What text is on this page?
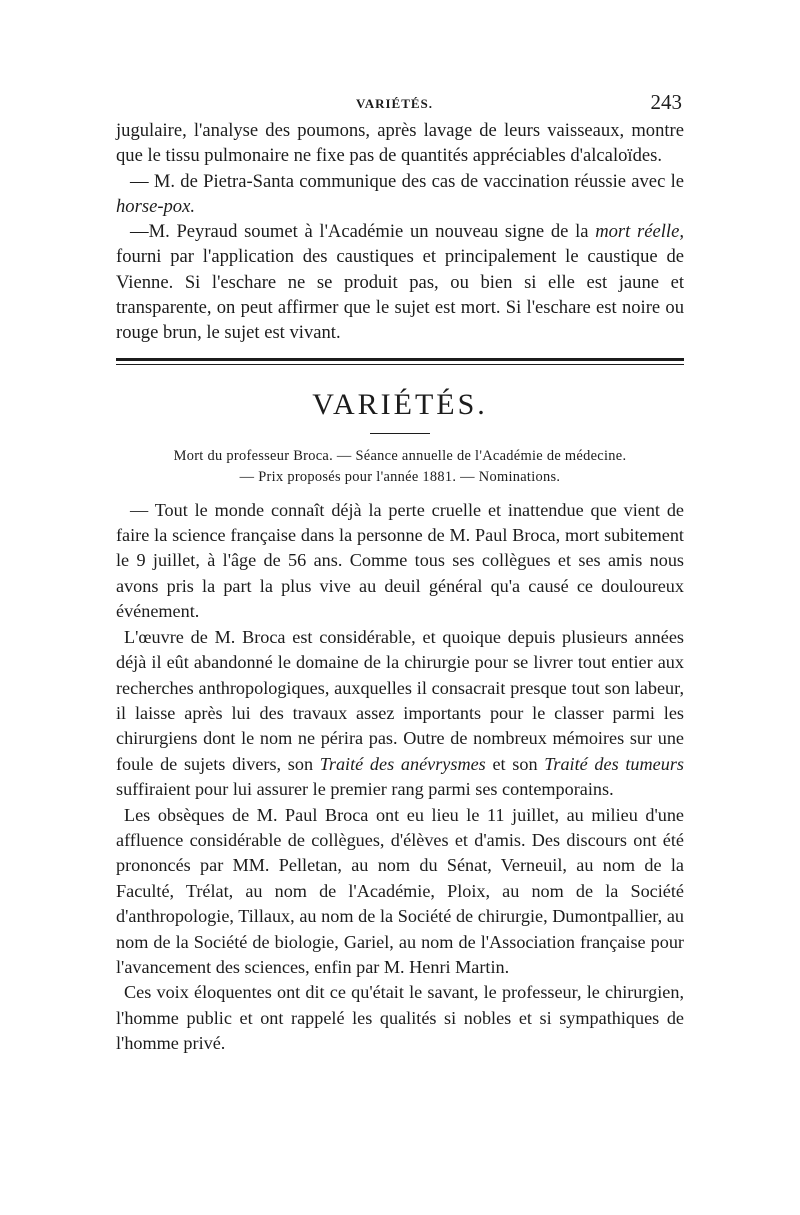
VARIÉTÉS.	243

jugulaire, l'analyse des poumons, après lavage de leurs vaisseaux, montre que le tissu pulmonaire ne fixe pas de quantités appréciables d'alcaloïdes.

— M. de Pietra-Santa communique des cas de vaccination réussie avec le horse-pox.

—M. Peyraud soumet à l'Académie un nouveau signe de la mort réelle, fourni par l'application des caustiques et principalement le caustique de Vienne. Si l'eschare ne se produit pas, ou bien si elle est jaune et transparente, on peut affirmer que le sujet est mort. Si l'eschare est noire ou rouge brun, le sujet est vivant.

VARIÉTÉS.
Mort du professeur Broca. — Séance annuelle de l'Académie de médecine.
— Prix proposés pour l'année 1881. — Nominations.

— Tout le monde connaît déjà la perte cruelle et inattendue que vient de faire la science française dans la personne de M. Paul Broca, mort subitement le 9 juillet, à l'âge de 56 ans. Comme tous ses collègues et ses amis nous avons pris la part la plus vive au deuil général qu'a causé ce douloureux événement.

L'œuvre de M. Broca est considérable, et quoique depuis plusieurs années déjà il eût abandonné le domaine de la chirurgie pour se livrer tout entier aux recherches anthropologiques, auxquelles il consacrait presque tout son labeur, il laisse après lui des travaux assez importants pour le classer parmi les chirurgiens dont le nom ne périra pas. Outre de nombreux mémoires sur une foule de sujets divers, son Traité des anévrysmes et son Traité des tumeurs suffiraient pour lui assurer le premier rang parmi ses contemporains.

Les obsèques de M. Paul Broca ont eu lieu le 11 juillet, au milieu d'une affluence considérable de collègues, d'élèves et d'amis. Des discours ont été prononcés par MM. Pelletan, au nom du Sénat, Verneuil, au nom de la Faculté, Trélat, au nom de l'Académie, Ploix, au nom de la Société d'anthropologie, Tillaux, au nom de la Société de chirurgie, Dumontpallier, au nom de la Société de biologie, Gariel, au nom de l'Association française pour l'avancement des sciences, enfin par M. Henri Martin.

Ces voix éloquentes ont dit ce qu'était le savant, le professeur, le chirurgien, l'homme public et ont rappelé les qualités si nobles et si sympathiques de l'homme privé.
